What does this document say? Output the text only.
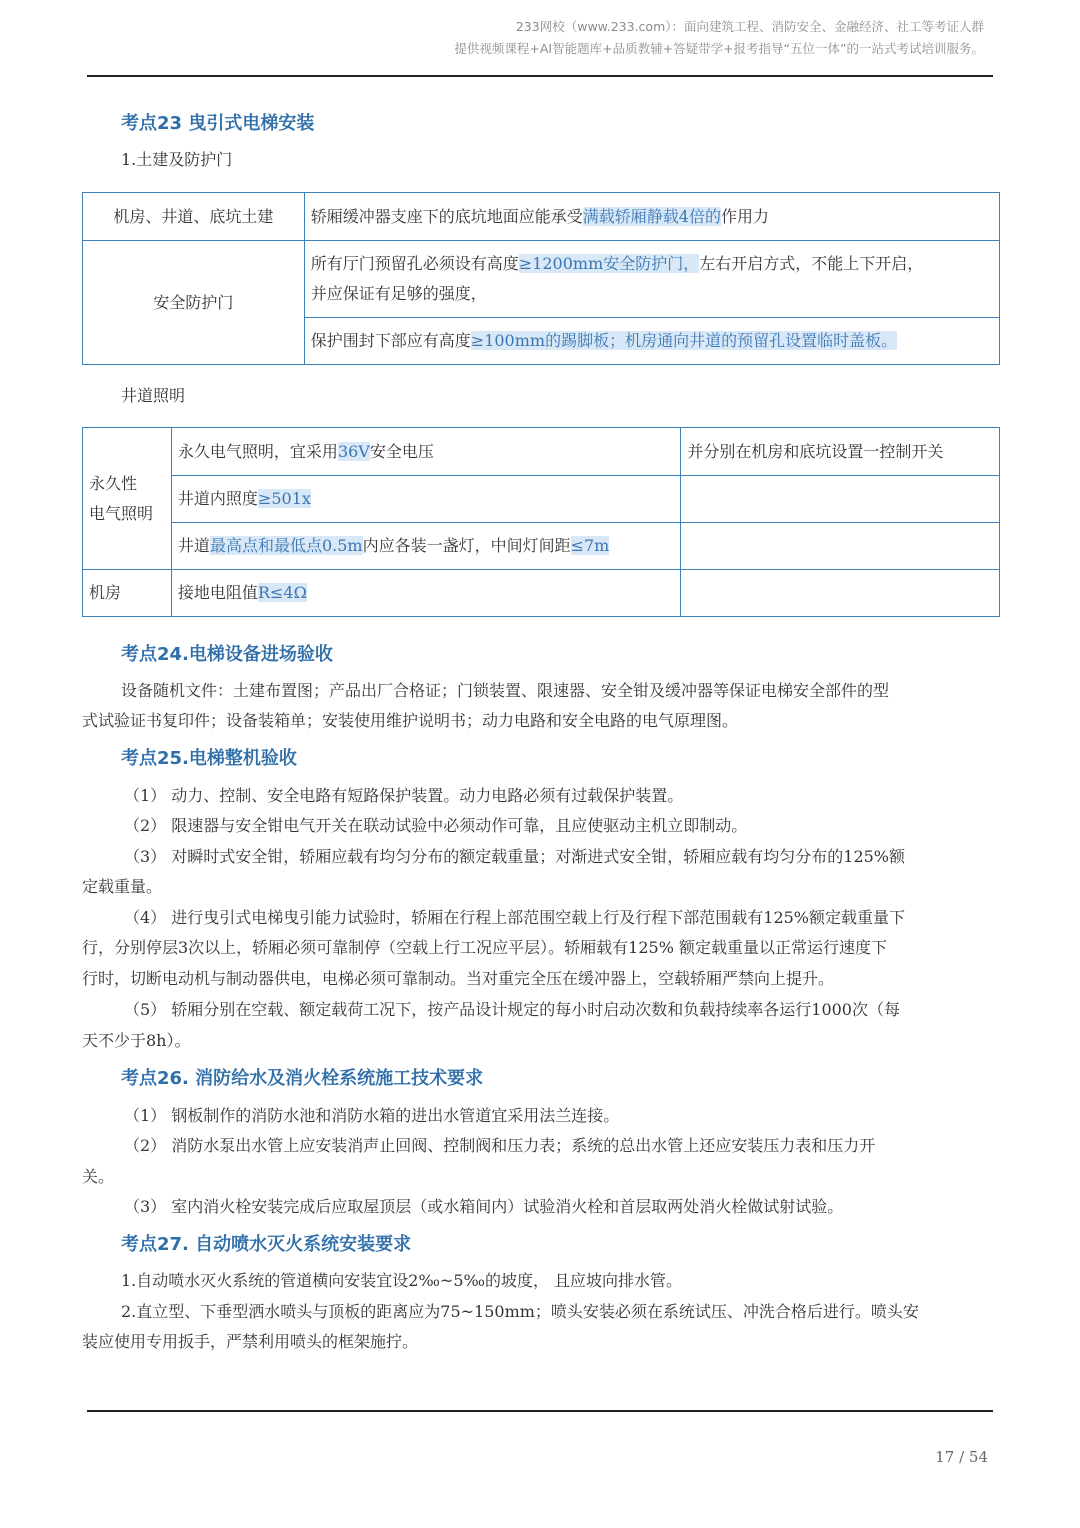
233网校（www.233.com）：面向建筑工程、消防安全、金融经济、社工等考证人群
提供视频课程+AI智能题库+品质教辅+答疑带学+报考指导“五位一体”的一站式考试培训服务。
考点23 曳引式电梯安装

1.土建及防护门

机房、井道、底坑土建	轿厢缓冲器支座下的底坑地面应能承受满载轿厢静载4倍的作用力
安全防护门	所有厅门预留孔必须设有高度≥1200mm安全防护门，左右开启方式，不能上下开启，
并应保证有足够的强度，
	保护围封下部应有高度≥100mm的踢脚板；机房通向井道的预留孔设置临时盖板。

井道照明

永久性
电气照明	永久电气照明，宜采用36V安全电压	并分别在机房和底坑设置一控制开关
	井道内照度≥501x	
	井道最高点和最低点0.5m内应各装一盏灯，中间灯间距≤7m	
机房	接地电阻值R≤4Ω	
考点24.电梯设备进场验收

设备随机文件：土建布置图；产品出厂合格证；门锁装置、限速器、安全钳及缓冲器等保证电梯安全部件的型

式试验证书复印件；设备装箱单；安装使用维护说明书；动力电路和安全电路的电气原理图。

考点25.电梯整机验收

（1） 动力、控制、安全电路有短路保护装置。动力电路必须有过载保护装置。

（2） 限速器与安全钳电气开关在联动试验中必须动作可靠，且应使驱动主机立即制动。

（3） 对瞬时式安全钳，轿厢应载有均匀分布的额定载重量；对渐进式安全钳，轿厢应载有均匀分布的125%额

定载重量。

（4） 进行曳引式电梯曳引能力试验时，轿厢在行程上部范围空载上行及行程下部范围载有125%额定载重量下

行，分别停层3次以上，轿厢必须可靠制停（空载上行工况应平层）。轿厢载有125% 额定载重量以正常运行速度下

行时，切断电动机与制动器供电，电梯必须可靠制动。当对重完全压在缓冲器上，空载轿厢严禁向上提升。

（5） 轿厢分别在空载、额定载荷工况下，按产品设计规定的每小时启动次数和负载持续率各运行1000次（每

天不少于8h）。

考点26. 消防给水及消火栓系统施工技术要求

（1） 钢板制作的消防水池和消防水箱的进出水管道宜采用法兰连接。

（2） 消防水泵出水管上应安装消声止回阀、控制阀和压力表；系统的总出水管上还应安装压力表和压力开

关。

（3） 室内消火栓安装完成后应取屋顶层（或水箱间内）试验消火栓和首层取两处消火栓做试射试验。

考点27. 自动喷水灭火系统安装要求

1.自动喷水灭火系统的管道横向安装宜设2‰~5‰的坡度， 且应坡向排水管。

2.直立型、下垂型洒水喷头与顶板的距离应为75~150mm；喷头安装必须在系统试压、冲洗合格后进行。喷头安

装应使用专用扳手，严禁利用喷头的框架施拧。

17 / 54
